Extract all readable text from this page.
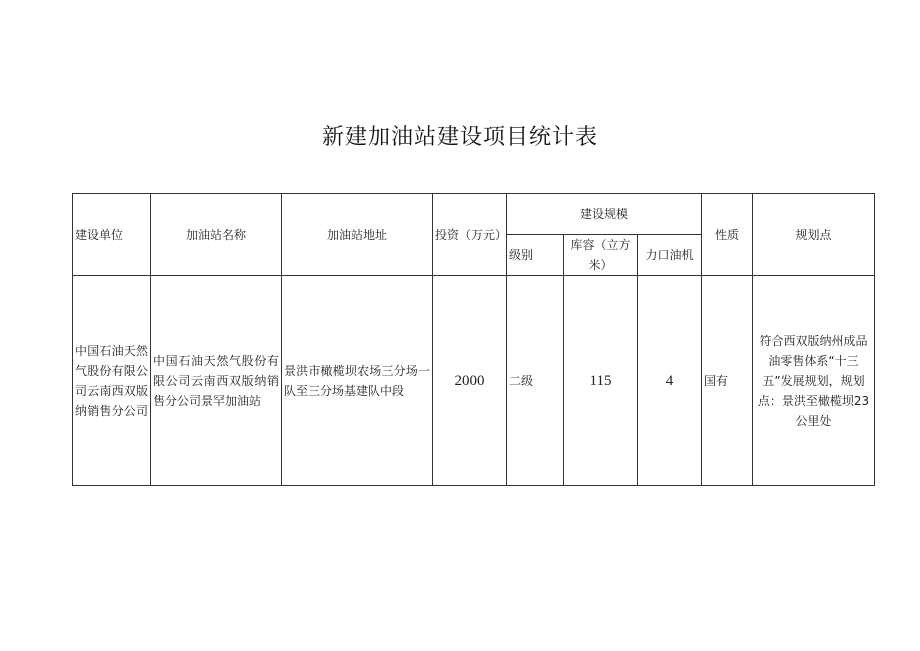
新建加油站建设项目统计表
建设单位	加油站名称	加油站地址	投资（万元）	建设规模			性质	规划点
				级别	库容（立方米）	力口油机		
中国石油天然气股份有限公司云南西双版纳销售分公司	中国石油天然气股份有限公司云南西双版纳销售分公司景罕加油站	景洪市橄榄坝农场三分场一队至三分场基建队中段	2000	二级	115	4	国有	符合西双版纳州成品油零售体系“十三五”发展规划，规划点：景洪至橄榄坝23公里处
